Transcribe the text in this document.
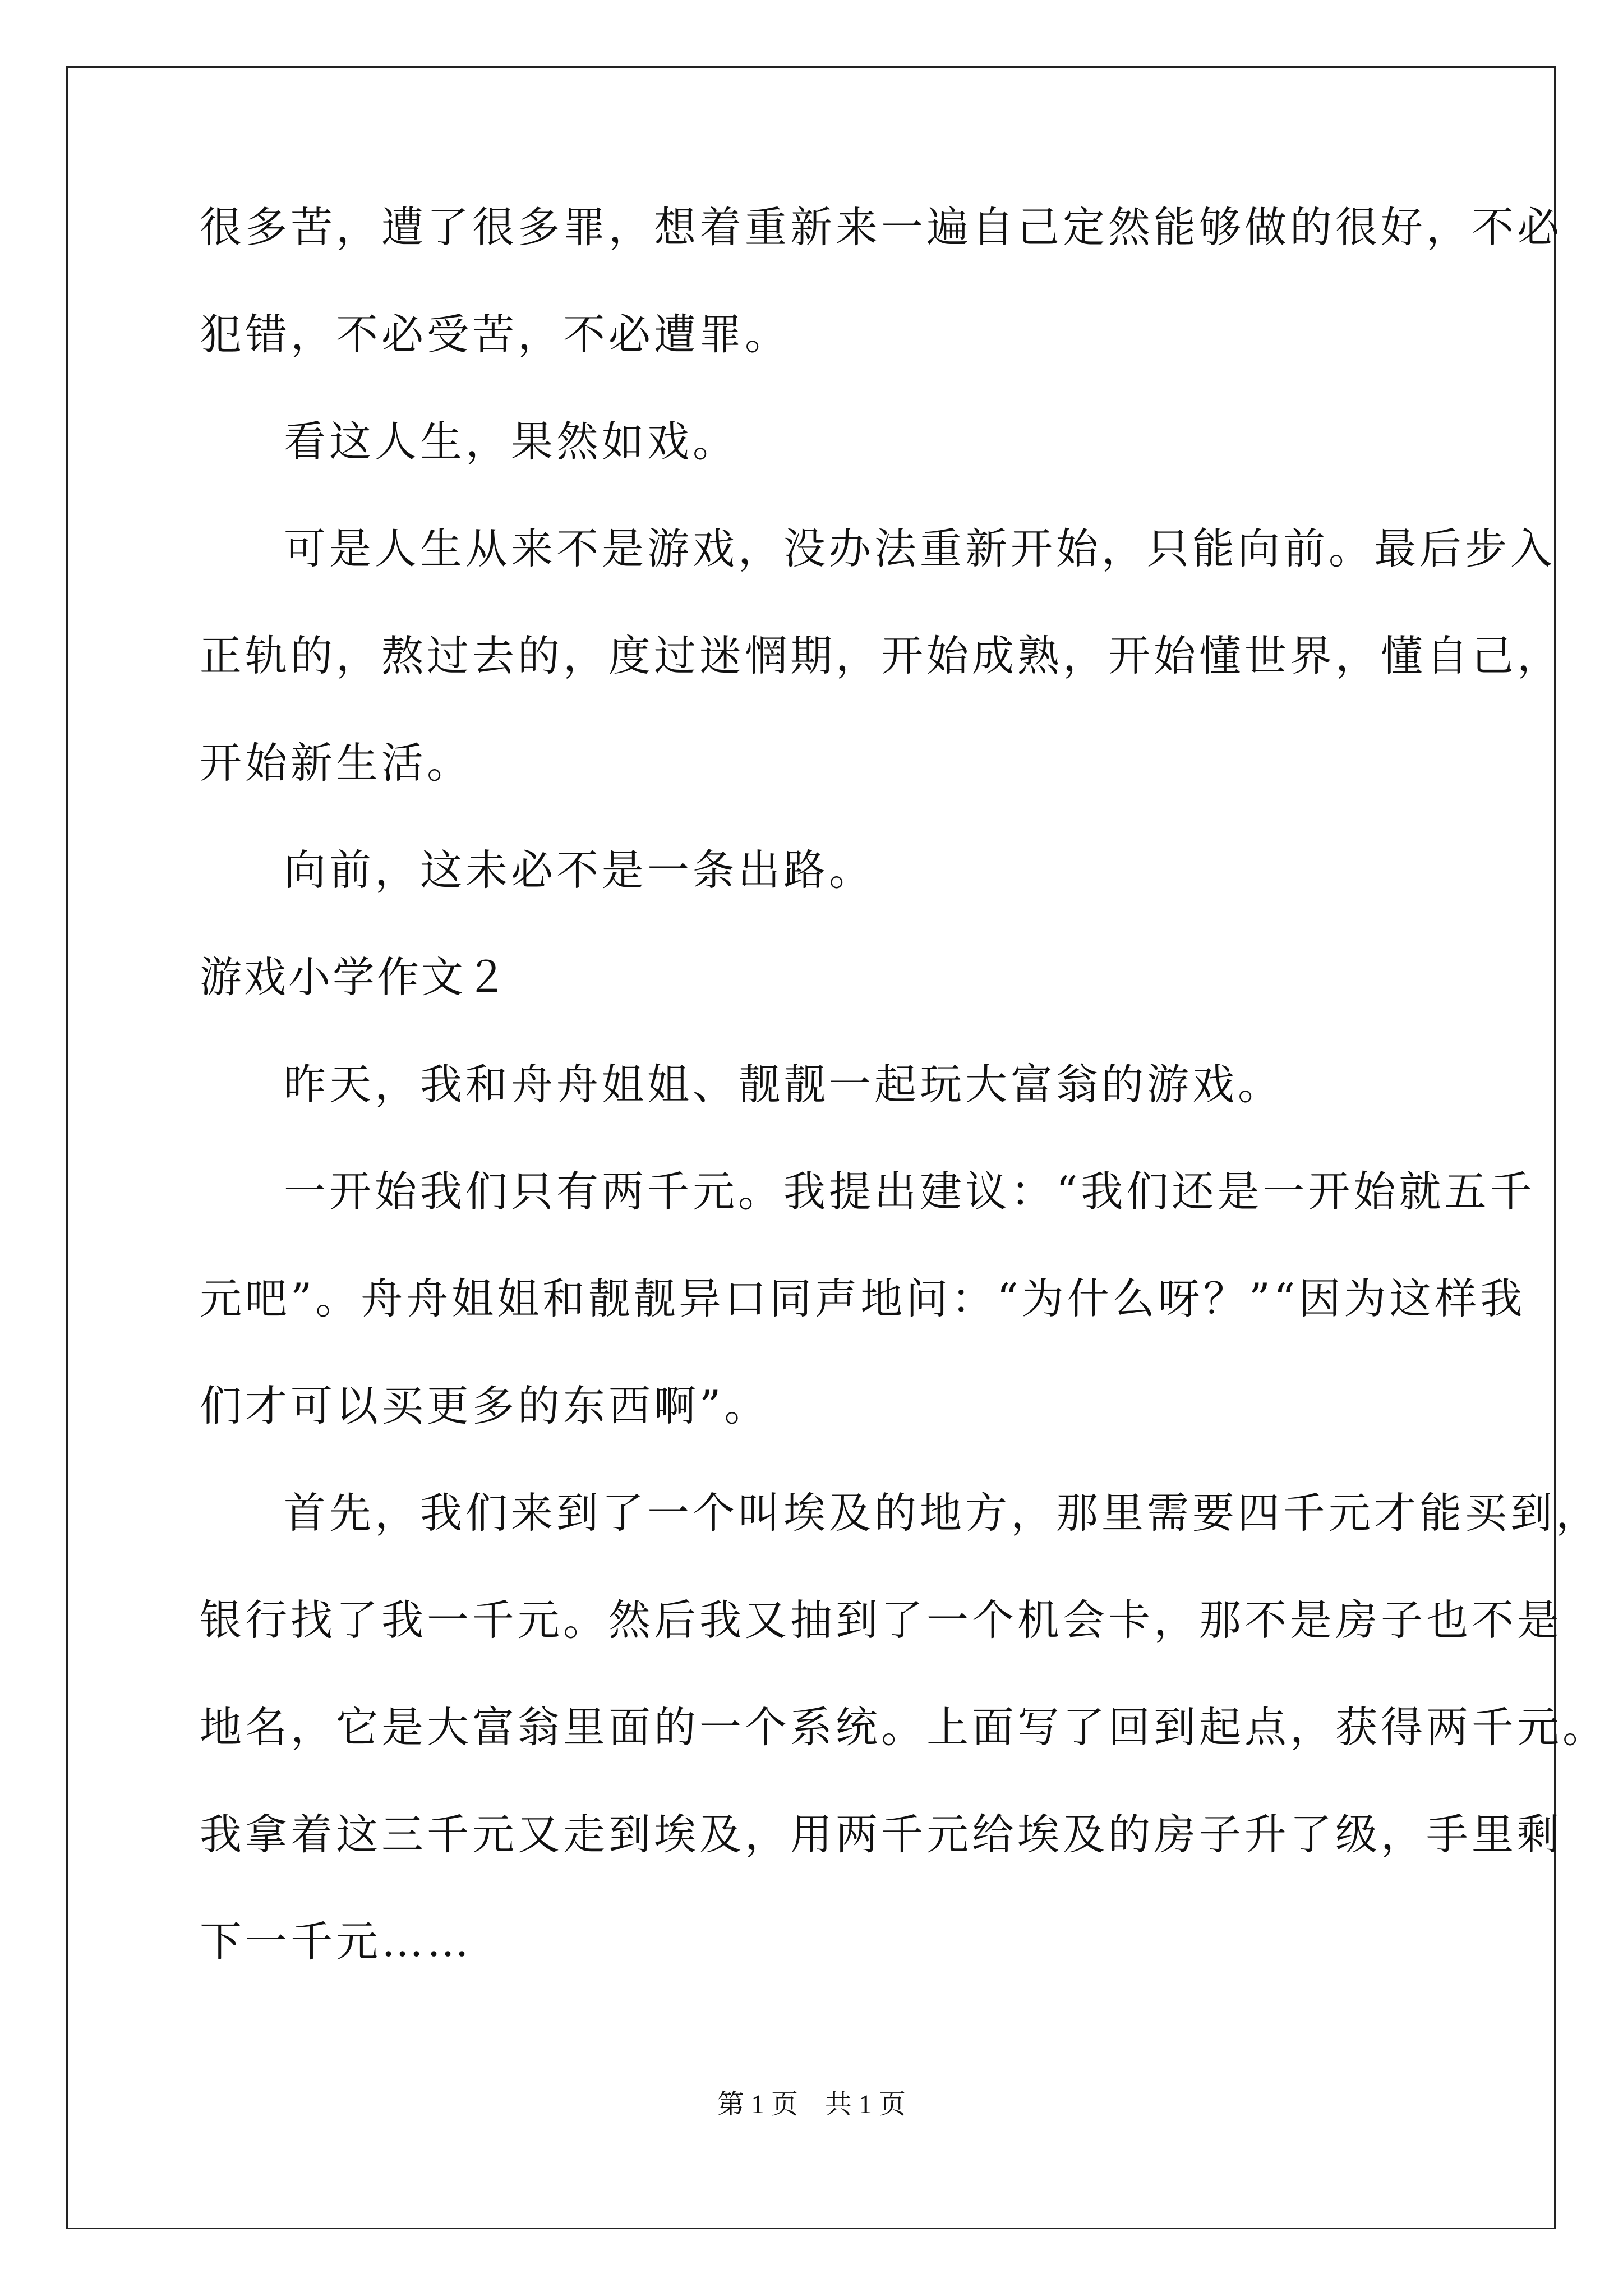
很多苦，遭了很多罪，想着重新来一遍自己定然能够做的很好，不必

犯错，不必受苦，不必遭罪。

看这人生，果然如戏。

可是人生从来不是游戏，没办法重新开始，只能向前。最后步入

正轨的，熬过去的，度过迷惘期，开始成熟，开始懂世界，懂自己，

开始新生活。

向前，这未必不是一条出路。

游戏小学作文２

昨天，我和舟舟姐姐、靓靓一起玩大富翁的游戏。

一开始我们只有两千元。我提出建议：“我们还是一开始就五千

元吧”。舟舟姐姐和靓靓异口同声地问：“为什么呀？”“因为这样我

们才可以买更多的东西啊”。

首先，我们来到了一个叫埃及的地方，那里需要四千元才能买到，

银行找了我一千元。然后我又抽到了一个机会卡，那不是房子也不是

地名，它是大富翁里面的一个系统。上面写了回到起点，获得两千元。

我拿着这三千元又走到埃及，用两千元给埃及的房子升了级，手里剩

下一千元……

第 1 页　共 1 页
